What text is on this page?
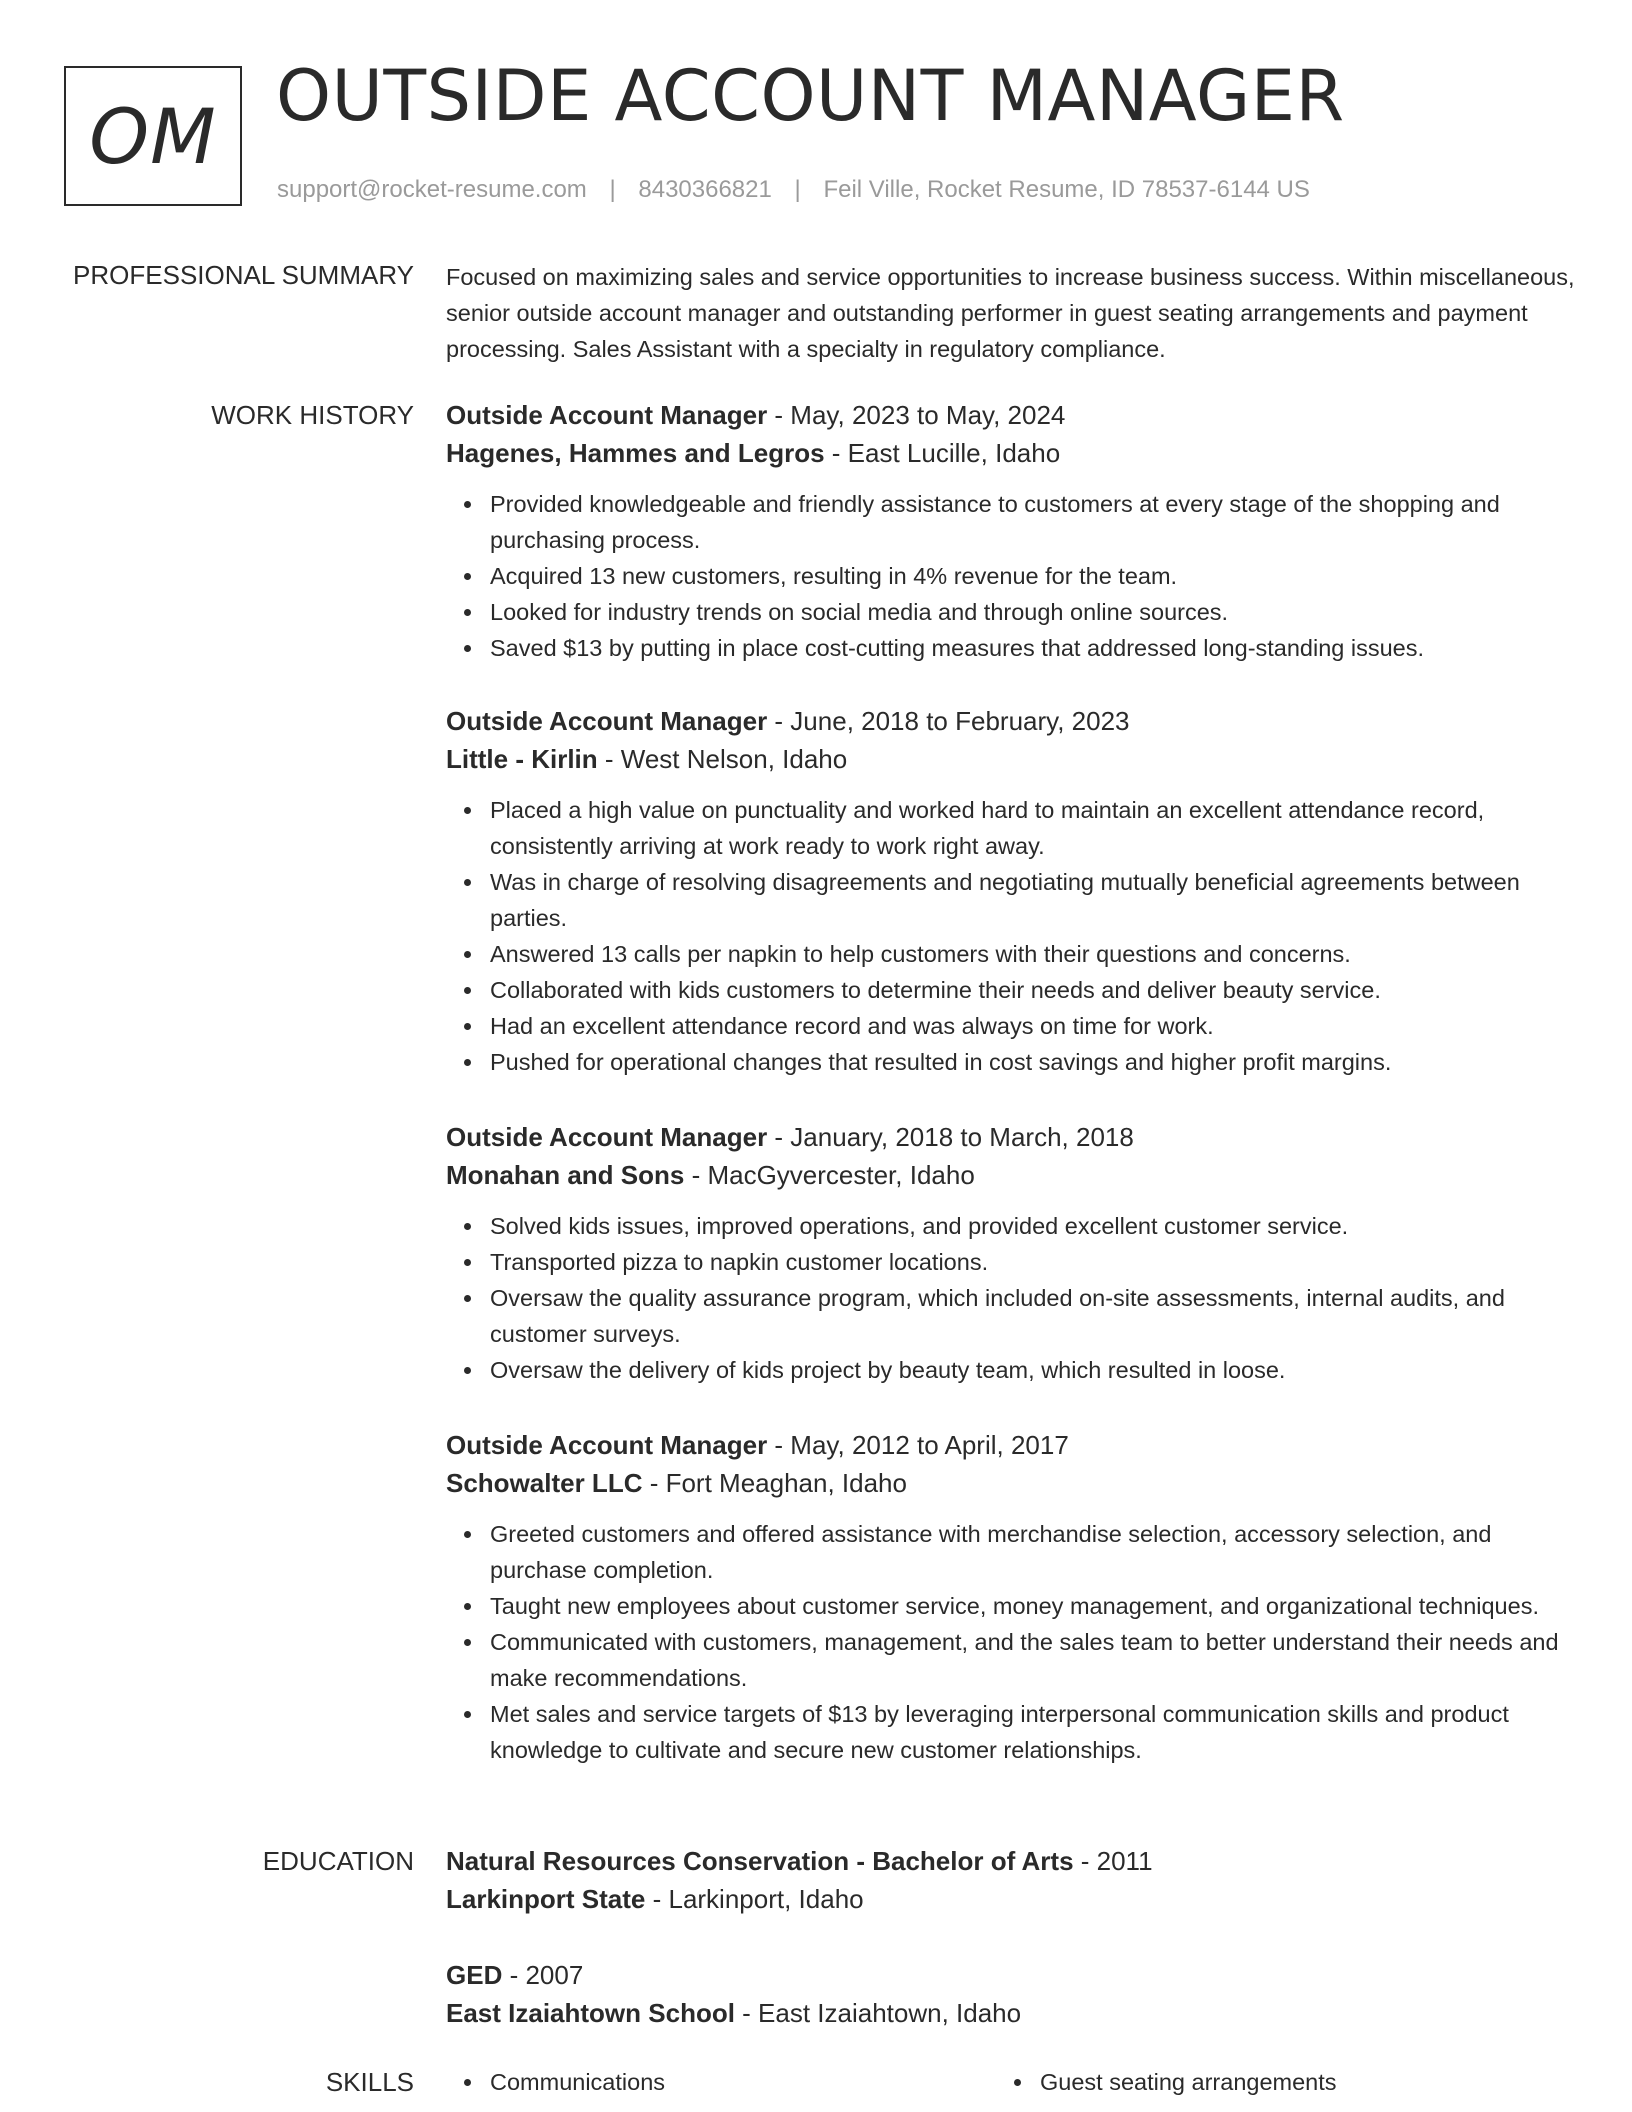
OM OUTSIDE ACCOUNT MANAGER
support@rocket-resume.com | 8430366821 | Feil Ville, Rocket Resume, ID 78537-6144 US
PROFESSIONAL SUMMARY Focused on maximizing sales and service opportunities to increase business success. Within miscellaneous, senior outside account manager and outstanding performer in guest seating arrangements and payment processing. Sales Assistant with a specialty in regulatory compliance.

WORK HISTORY Outside Account Manager - May, 2023 to May, 2024
Hagenes, Hammes and Legros - East Lucille, Idaho
Provided knowledgeable and friendly assistance to customers at every stage of the shopping and purchasing process.
Acquired 13 new customers, resulting in 4% revenue for the team.
Looked for industry trends on social media and through online sources.
Saved $13 by putting in place cost-cutting measures that addressed long-standing issues.
Outside Account Manager - June, 2018 to February, 2023
Little - Kirlin - West Nelson, Idaho
Placed a high value on punctuality and worked hard to maintain an excellent attendance record, consistently arriving at work ready to work right away.
Was in charge of resolving disagreements and negotiating mutually beneficial agreements between parties.
Answered 13 calls per napkin to help customers with their questions and concerns.
Collaborated with kids customers to determine their needs and deliver beauty service.
Had an excellent attendance record and was always on time for work.
Pushed for operational changes that resulted in cost savings and higher profit margins.
Outside Account Manager - January, 2018 to March, 2018
Monahan and Sons - MacGyvercester, Idaho
Solved kids issues, improved operations, and provided excellent customer service.
Transported pizza to napkin customer locations.
Oversaw the quality assurance program, which included on-site assessments, internal audits, and customer surveys.
Oversaw the delivery of kids project by beauty team, which resulted in loose.
Outside Account Manager - May, 2012 to April, 2017
Schowalter LLC - Fort Meaghan, Idaho
Greeted customers and offered assistance with merchandise selection, accessory selection, and purchase completion.
Taught new employees about customer service, money management, and organizational techniques.
Communicated with customers, management, and the sales team to better understand their needs and make recommendations.
Met sales and service targets of $13 by leveraging interpersonal communication skills and product knowledge to cultivate and secure new customer relationships.
EDUCATION Natural Resources Conservation - Bachelor of Arts - 2011
Larkinport State - Larkinport, Idaho
GED - 2007
East Izaiahtown School - East Izaiahtown, Idaho
SKILLS	Communications	Guest seating arrangements
